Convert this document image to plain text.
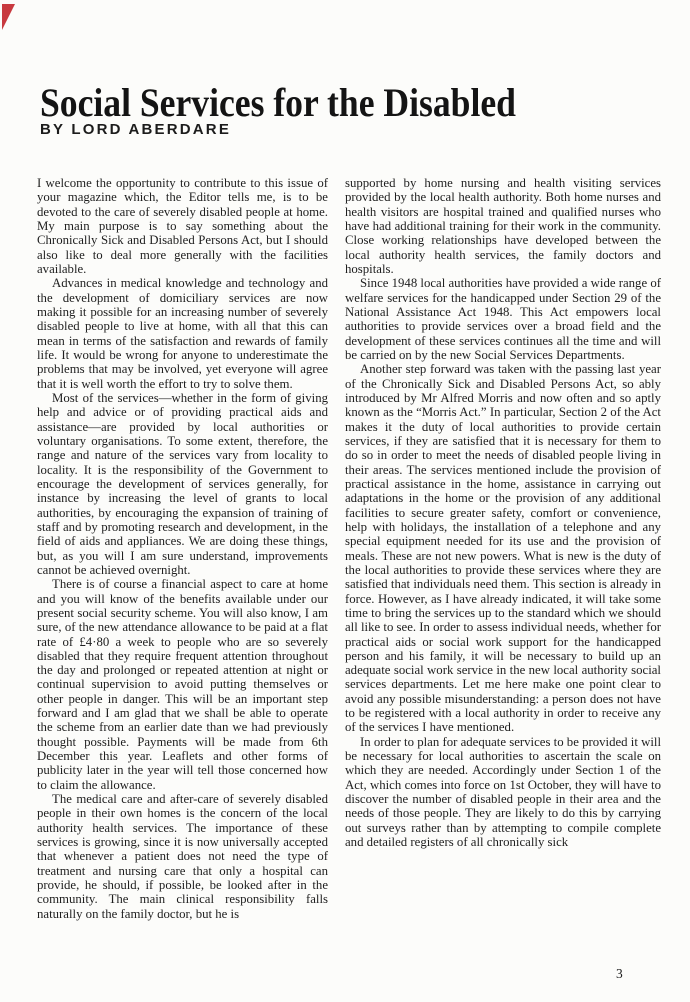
Social Services for the Disabled
BY LORD ABERDARE

I welcome the opportunity to contribute to this issue of your magazine which, the Editor tells me, is to be devoted to the care of severely disabled people at home. My main purpose is to say something about the Chronically Sick and Disabled Persons Act, but I should also like to deal more generally with the facilities available.

Advances in medical knowledge and technology and the development of domiciliary services are now making it possible for an increasing number of severely disabled people to live at home, with all that this can mean in terms of the satisfaction and rewards of family life. It would be wrong for anyone to underestimate the problems that may be involved, yet everyone will agree that it is well worth the effort to try to solve them.

Most of the services—whether in the form of giving help and advice or of providing practical aids and assistance—are provided by local authorities or voluntary organisations. To some extent, therefore, the range and nature of the services vary from locality to locality. It is the responsibility of the Government to encourage the development of services generally, for instance by increasing the level of grants to local authorities, by encouraging the expansion of training of staff and by promoting research and development, in the field of aids and appliances. We are doing these things, but, as you will I am sure understand, improvements cannot be achieved overnight.

There is of course a financial aspect to care at home and you will know of the benefits available under our present social security scheme. You will also know, I am sure, of the new attendance allowance to be paid at a flat rate of £4·80 a week to people who are so severely disabled that they require frequent attention throughout the day and prolonged or repeated attention at night or continual supervision to avoid putting themselves or other people in danger. This will be an important step forward and I am glad that we shall be able to operate the scheme from an earlier date than we had previously thought possible. Payments will be made from 6th December this year. Leaflets and other forms of publicity later in the year will tell those concerned how to claim the allowance.

The medical care and after-care of severely disabled people in their own homes is the concern of the local authority health services. The importance of these services is growing, since it is now universally accepted that whenever a patient does not need the type of treatment and nursing care that only a hospital can provide, he should, if possible, be looked after in the community. The main clinical responsibility falls naturally on the family doctor, but he is

supported by home nursing and health visiting services provided by the local health authority. Both home nurses and health visitors are hospital trained and qualified nurses who have had additional training for their work in the community. Close working relationships have developed between the local authority health services, the family doctors and hospitals.

Since 1948 local authorities have provided a wide range of welfare services for the handicapped under Section 29 of the National Assistance Act 1948. This Act empowers local authorities to provide services over a broad field and the development of these services continues all the time and will be carried on by the new Social Services Departments.

Another step forward was taken with the passing last year of the Chronically Sick and Disabled Persons Act, so ably introduced by Mr Alfred Morris and now often and so aptly known as the “Morris Act.” In particular, Section 2 of the Act makes it the duty of local authorities to provide certain services, if they are satisfied that it is necessary for them to do so in order to meet the needs of disabled people living in their areas. The services mentioned include the provision of practical assistance in the home, assistance in carrying out adaptations in the home or the provision of any additional facilities to secure greater safety, comfort or convenience, help with holidays, the installation of a telephone and any special equipment needed for its use and the provision of meals. These are not new powers. What is new is the duty of the local authorities to provide these services where they are satisfied that individuals need them. This section is already in force. However, as I have already indicated, it will take some time to bring the services up to the standard which we should all like to see. In order to assess individual needs, whether for practical aids or social work support for the handicapped person and his family, it will be necessary to build up an adequate social work service in the new local authority social services departments. Let me here make one point clear to avoid any possible misunderstanding: a person does not have to be registered with a local authority in order to receive any of the services I have mentioned.

In order to plan for adequate services to be provided it will be necessary for local authorities to ascertain the scale on which they are needed. Accordingly under Section 1 of the Act, which comes into force on 1st October, they will have to discover the number of disabled people in their area and the needs of those people. They are likely to do this by carrying out surveys rather than by attempting to compile complete and detailed registers of all chronically sick

3
